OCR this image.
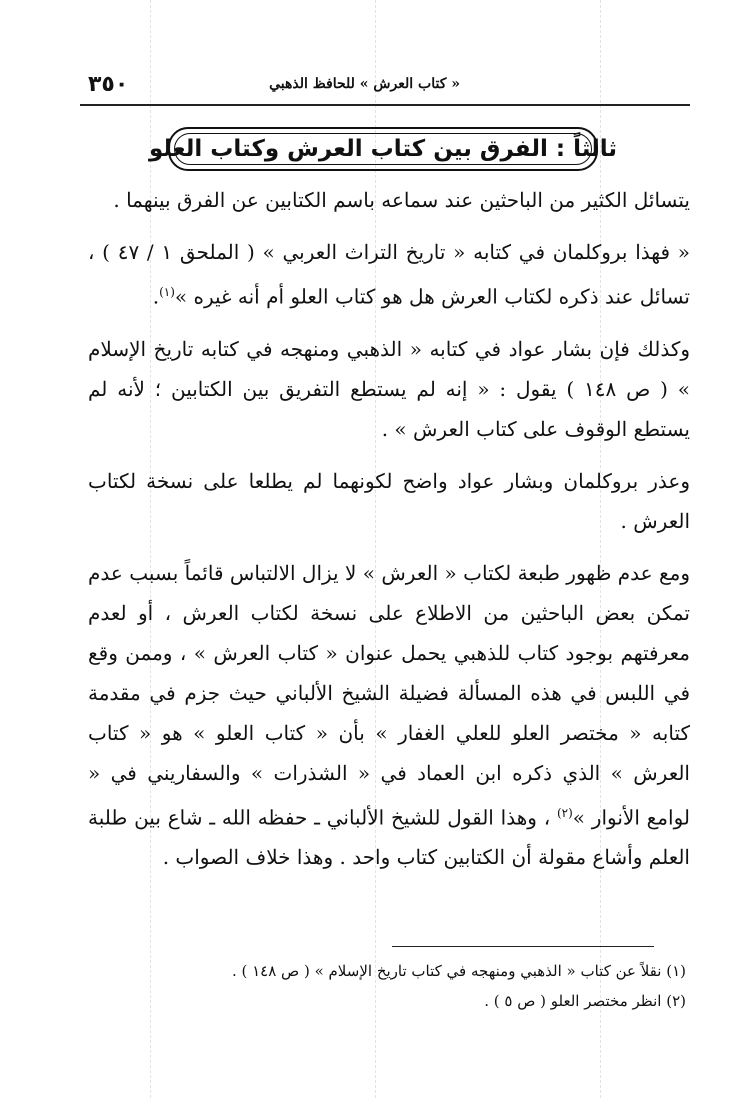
٣٥٠	« كتاب العرش » للحافظ الذهبي
ثالثاً : الفرق بين كتاب العرش وكتاب العلو

يتسائل الكثير من الباحثين عند سماعه باسم الكتابين عن الفرق بينهما .

« فهذا بروكلمان في كتابه « تاريخ التراث العربي » ( الملحق ١ / ٤٧ ) ، تسائل عند ذكره لكتاب العرش هل هو كتاب العلو أم أنه غيره »$^{(١)}$.

وكذلك فإن بشار عواد في كتابه « الذهبي ومنهجه في كتابه تاريخ الإسلام » ( ص ١٤٨ ) يقول : « إنه لم يستطع التفريق بين الكتابين ؛ لأنه لم يستطع الوقوف على كتاب العرش » .

وعذر بروكلمان وبشار عواد واضح لكونهما لم يطلعا على نسخة لكتاب العرش .

ومع عدم ظهور طبعة لكتاب « العرش » لا يزال الالتباس قائماً بسبب عدم تمكن بعض الباحثين من الاطلاع على نسخة لكتاب العرش ، أو لعدم معرفتهم بوجود كتاب للذهبي يحمل عنوان « كتاب العرش » ، وممن وقع في اللبس في هذه المسألة فضيلة الشيخ الألباني حيث جزم في مقدمة كتابه « مختصر العلو للعلي الغفار » بأن « كتاب العلو » هو « كتاب العرش » الذي ذكره ابن العماد في « الشذرات » والسفاريني في « لوامع الأنوار »$^{(٢)}$ ، وهذا القول للشيخ الألباني ـ حفظه الله ـ شاع بين طلبة العلم وأشاع مقولة أن الكتابين كتاب واحد . وهذا خلاف الصواب .

(١) نقلاً عن كتاب « الذهبي ومنهجه في كتاب تاريخ الإسلام » ( ص ١٤٨ ) .

(٢) انظر مختصر العلو ( ص ٥ ) .
